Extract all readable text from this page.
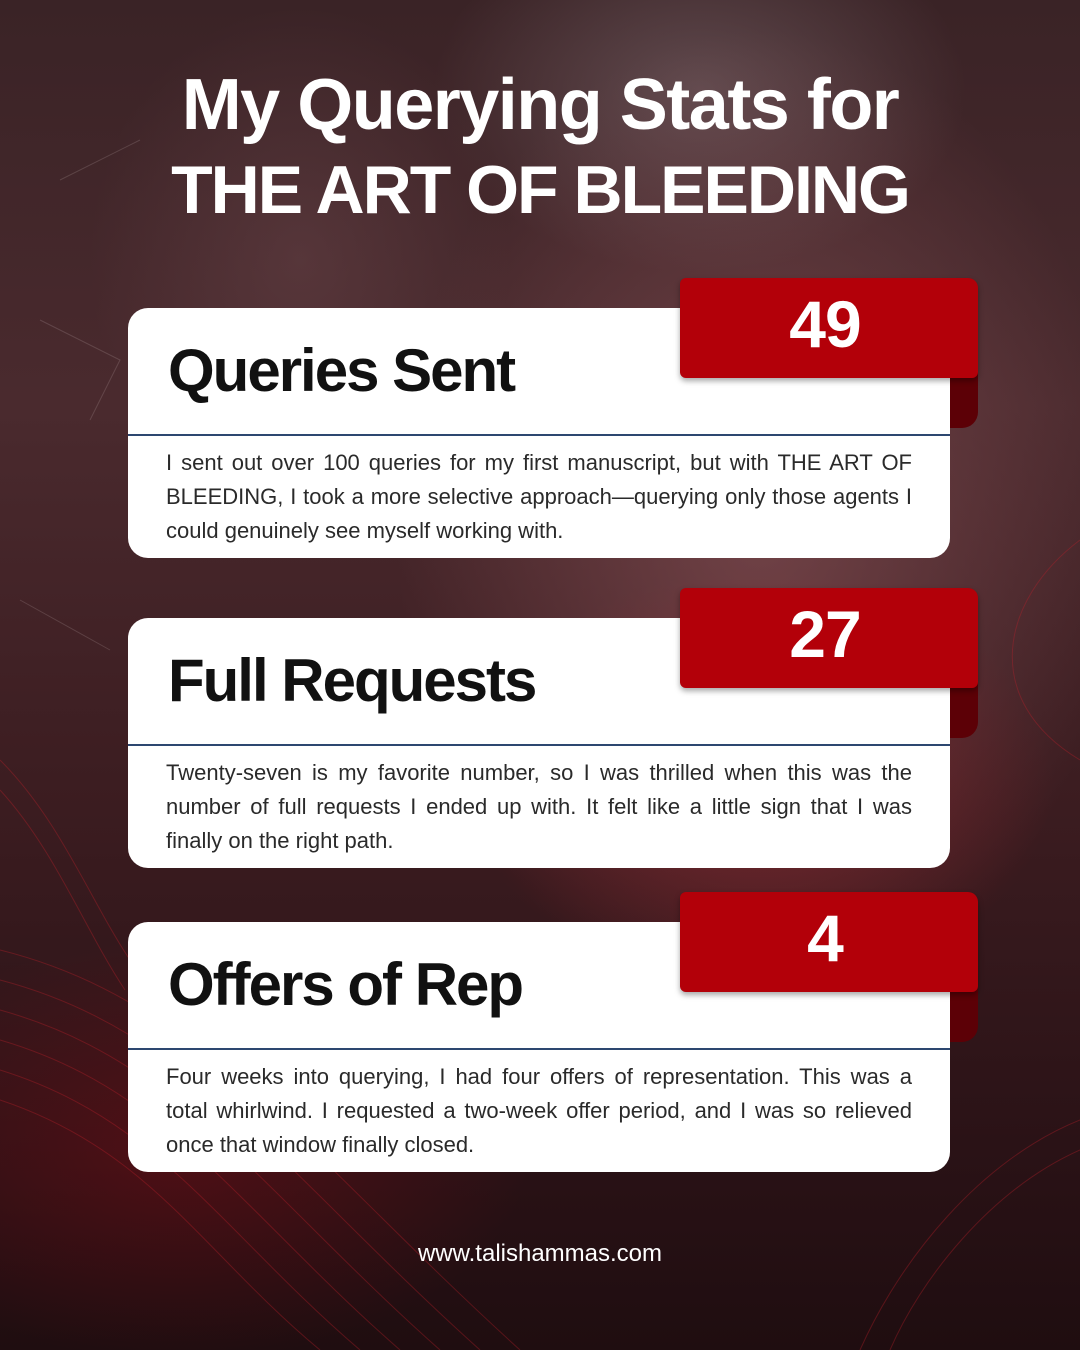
My Querying Stats for
THE ART OF BLEEDING
Queries Sent
I sent out over 100 queries for my first manuscript, but with THE ART OF BLEEDING, I took a more selective approach—querying only those agents I could genuinely see myself working with.
49
Full Requests
Twenty-seven is my favorite number, so I was thrilled when this was the number of full requests I ended up with. It felt like a little sign that I was finally on the right path.
27
Offers of Rep
Four weeks into querying, I had four offers of representation. This was a total whirlwind. I requested a two-week offer period, and I was so relieved once that window finally closed.
4
www.talishammas.com
